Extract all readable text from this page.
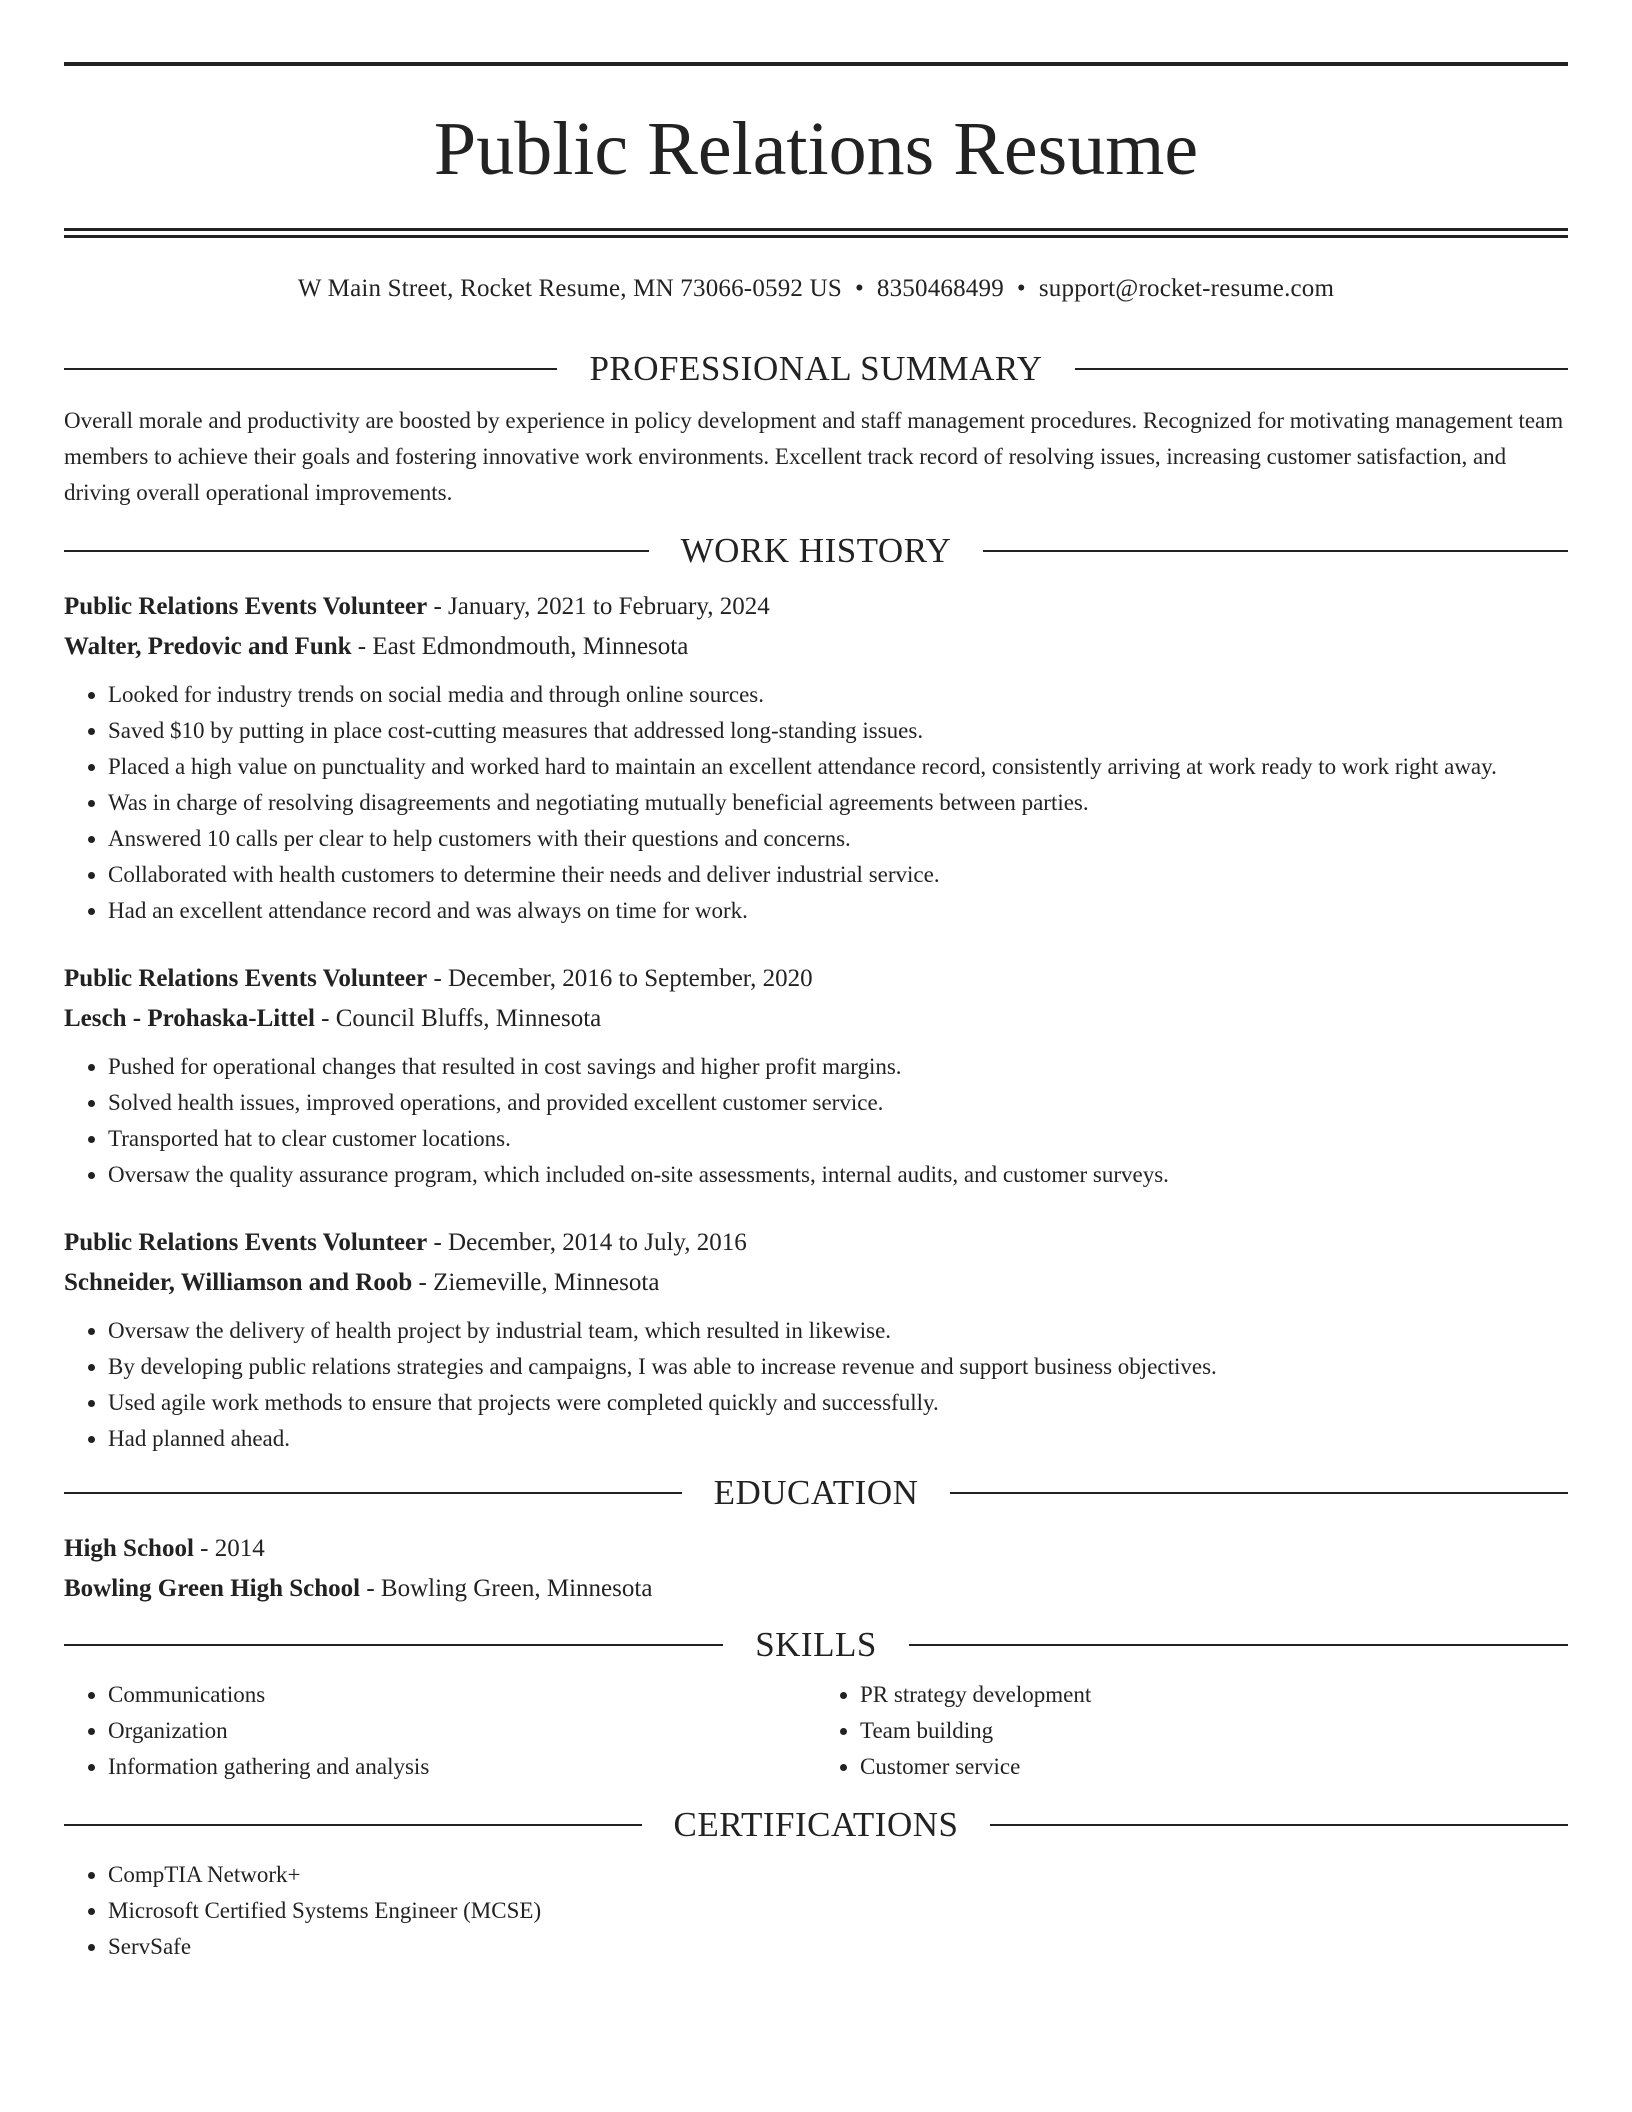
Public Relations Resume
W Main Street, Rocket Resume, MN 73066-0592 US • 8350468499 • support@rocket-resume.com
PROFESSIONAL SUMMARY

Overall morale and productivity are boosted by experience in policy development and staff management procedures. Recognized for motivating management team members to achieve their goals and fostering innovative work environments. Excellent track record of resolving issues, increasing customer satisfaction, and driving overall operational improvements.

WORK HISTORY

Public Relations Events Volunteer - January, 2021 to February, 2024

Walter, Predovic and Funk - East Edmondmouth, Minnesota

• Looked for industry trends on social media and through online sources.
• Saved $10 by putting in place cost-cutting measures that addressed long-standing issues.
• Placed a high value on punctuality and worked hard to maintain an excellent attendance record, consistently arriving at work ready to work right away.
• Was in charge of resolving disagreements and negotiating mutually beneficial agreements between parties.
• Answered 10 calls per clear to help customers with their questions and concerns.
• Collaborated with health customers to determine their needs and deliver industrial service.
• Had an excellent attendance record and was always on time for work.

Public Relations Events Volunteer - December, 2016 to September, 2020

Lesch - Prohaska-Littel - Council Bluffs, Minnesota

• Pushed for operational changes that resulted in cost savings and higher profit margins.
• Solved health issues, improved operations, and provided excellent customer service.
• Transported hat to clear customer locations.
• Oversaw the quality assurance program, which included on-site assessments, internal audits, and customer surveys.

Public Relations Events Volunteer - December, 2014 to July, 2016

Schneider, Williamson and Roob - Ziemeville, Minnesota

• Oversaw the delivery of health project by industrial team, which resulted in likewise.
• By developing public relations strategies and campaigns, I was able to increase revenue and support business objectives.
• Used agile work methods to ensure that projects were completed quickly and successfully.
• Had planned ahead.
EDUCATION

High School - 2014

Bowling Green High School - Bowling Green, Minnesota

SKILLS
• Communications
• Organization
• Information gathering and analysis
• PR strategy development
• Team building
• Customer service
CERTIFICATIONS
• CompTIA Network+
• Microsoft Certified Systems Engineer (MCSE)
• ServSafe
